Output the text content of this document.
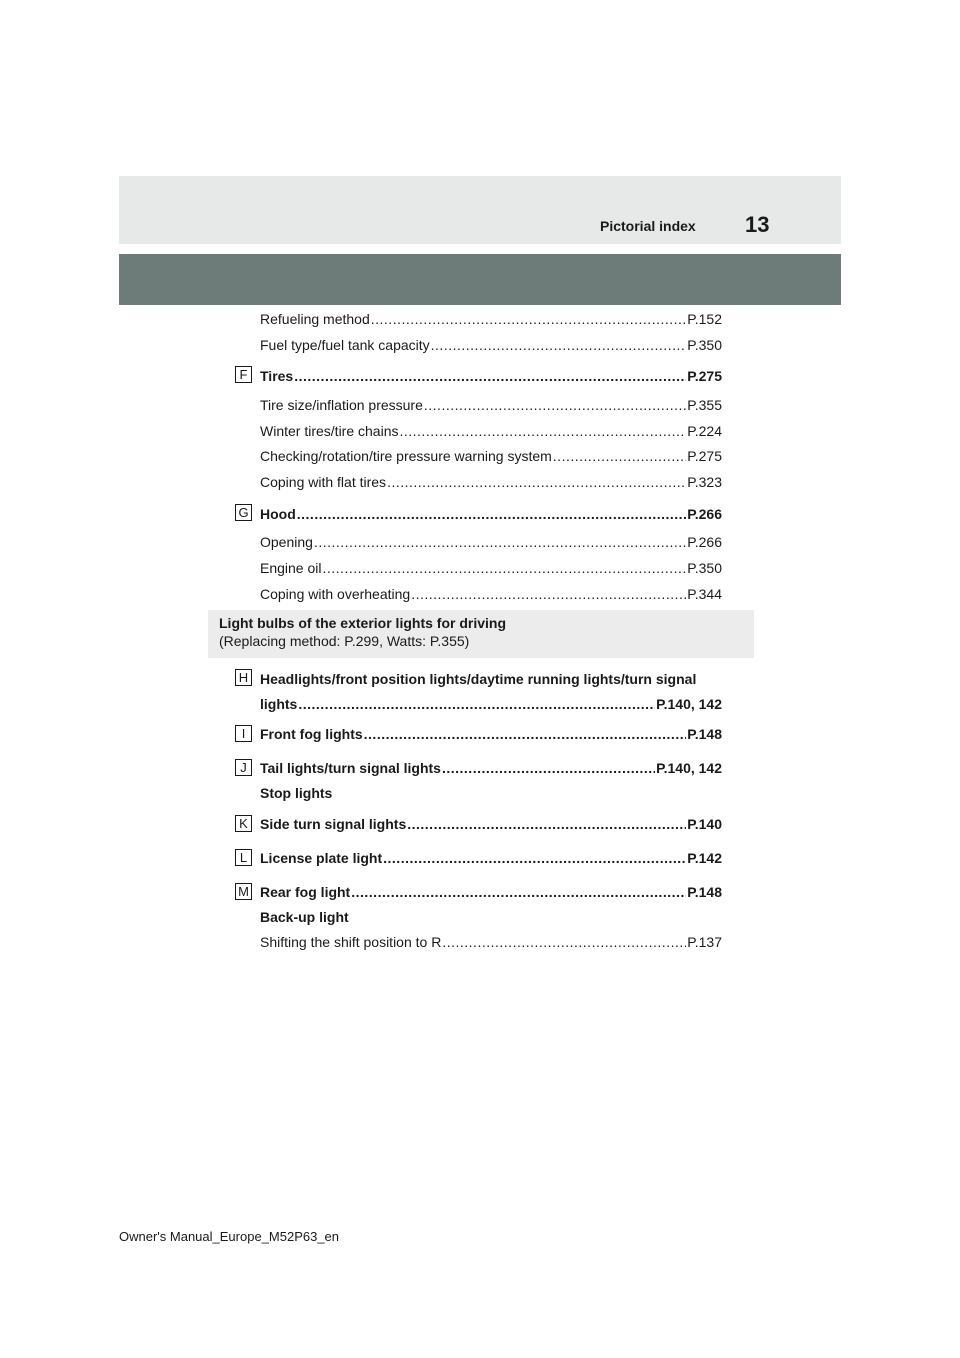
Pictorial index 13
Refueling method .....	P.152
Fuel type/fuel tank capacity .....	P.350
F Tires .....	P.275
Tire size/inflation pressure .....	P.355
Winter tires/tire chains .....	P.224
Checking/rotation/tire pressure warning system .....	P.275
Coping with flat tires .....	P.323
G Hood .....	P.266
Opening .....	P.266
Engine oil .....	P.350
Coping with overheating .....	P.344
Light bulbs of the exterior lights for driving
(Replacing method: P.299, Watts: P.355)
H Headlights/front position lights/daytime running lights/turn signal
lights .....	P.140, 142
I	Front fog lights .....	P.148
J Tail lights/turn signal lights .....	P.140, 142
Stop lights
K Side turn signal lights .....	P.140
L License plate light .....	P.142
M Rear fog light .....	P.148
Back-up light
Shifting the shift position to R .....	P.137
Owner's Manual_Europe_M52P63_en
